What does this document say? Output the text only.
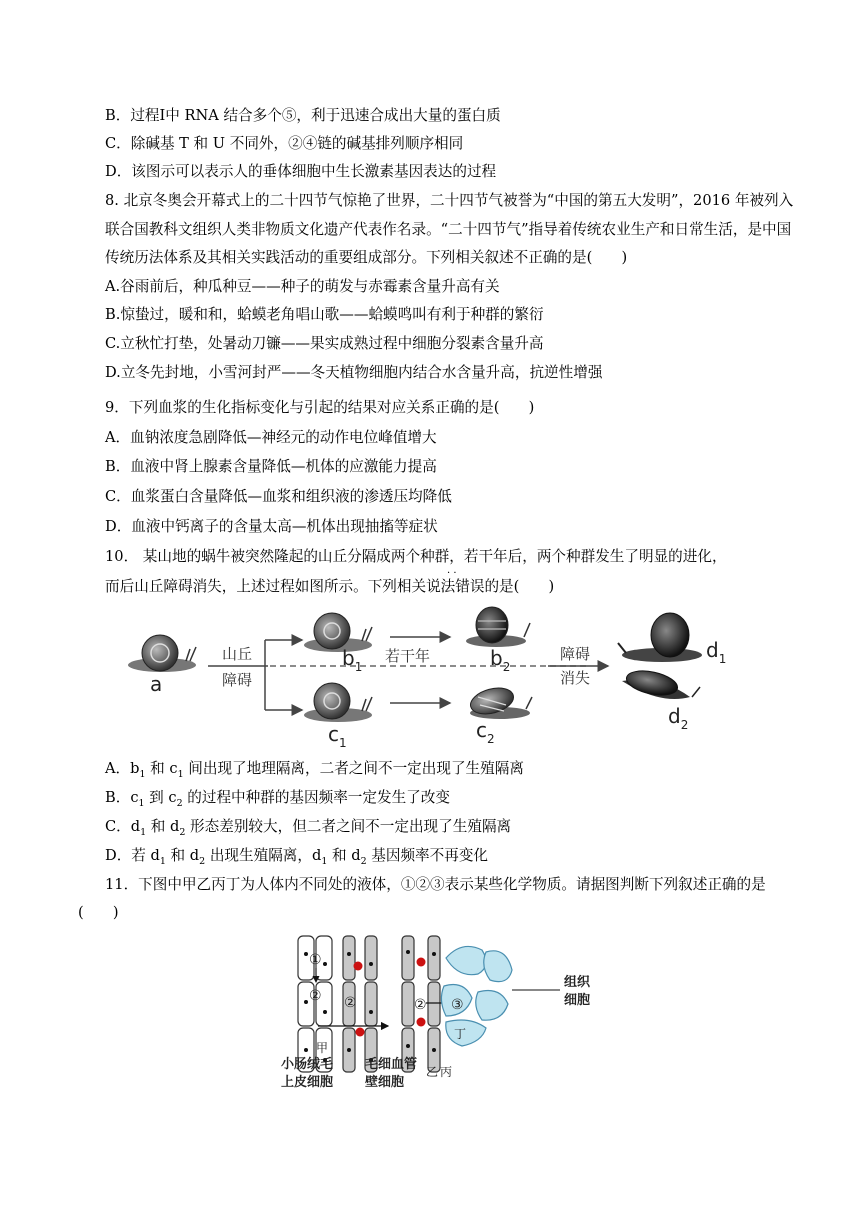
B．过程Ⅰ中 RNA 结合多个⑤，利于迅速合成出大量的蛋白质
C．除碱基 T 和 U 不同外，②④链的碱基排列顺序相同
D．该图示可以表示人的垂体细胞中生长激素基因表达的过程
8. 北京冬奥会开幕式上的二十四节气惊艳了世界，二十四节气被誉为“中国的第五大发明”，2016 年被列入
联合国教科文组织人类非物质文化遗产代表作名录。“二十四节气”指导着传统农业生产和日常生活，是中国
传统历法体系及其相关实践活动的重要组成部分。下列相关叙述不正确的是(　　)
A.谷雨前后，种瓜种豆——种子的萌发与赤霉素含量升高有关
B.惊蛰过，暖和和，蛤蟆老角唱山歌——蛤蟆鸣叫有利于种群的繁衍
C.立秋忙打垫，处暑动刀镰——果实成熟过程中细胞分裂素含量升高
D.立冬先封地，小雪河封严——冬天植物细胞内结合水含量升高，抗逆性增强
9．下列血浆的生化指标变化与引起的结果对应关系正确的是(　　)
A．血钠浓度急剧降低—神经元的动作电位峰值增大
B．血液中肾上腺素含量降低—机体的应激能力提高
C．血浆蛋白含量降低—血浆和组织液的渗透压均降低
D．血液中钙离子的含量太高—机体出现抽搐等症状
10． 某山地的蜗牛被突然隆起的山丘分隔成两个种群，若干年后，两个种群发生了明显的进化，
而后山丘障碍消失，上述过程如图所示。下列相关说法错误的是(　　)
· ·
a
山丘
障碍
$b_1$
若干年	$b_2$
$c_1$
$c_2$
障碍
消失
$d_1$
$d_2$
A．$b_1$ 和 $c_1$ 间出现了地理隔离，二者之间不一定出现了生殖隔离
B．$c_1$ 到 $c_2$ 的过程中种群的基因频率一定发生了改变
C．$d_1$ 和 $d_2$ 形态差别较大，但二者之间不一定出现了生殖隔离
D．若 $d_1$ 和 $d_2$ 出现生殖隔离，$d_1$ 和 $d_2$ 基因频率不再变化
11．下图中甲乙丙丁为人体内不同处的液体，①②③表示某些化学物质。请据图判断下列叙述正确的是
(　　)
①
②
甲
②	②
乙 丙
③
丁
组织
细胞
小肠绒毛
上皮细胞
毛细血管
壁细胞
